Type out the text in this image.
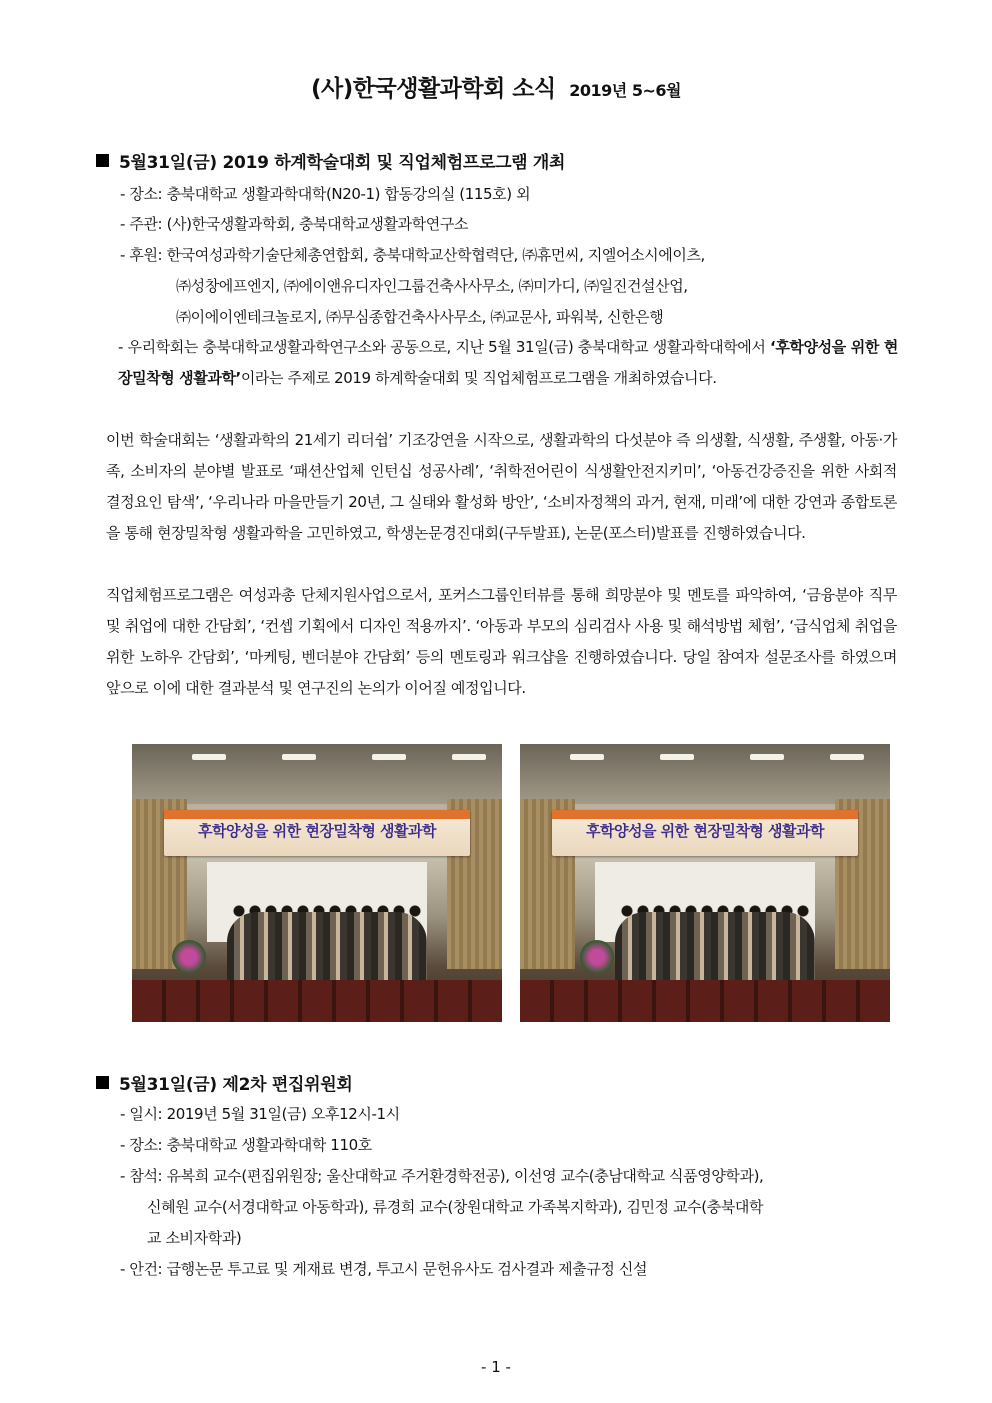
(사)한국생활과학회 소식 2019년 5~6월
5월31일(금) 2019 하계학술대회 및 직업체험프로그램 개최
- 장소: 충북대학교 생활과학대학(N20-1) 합동강의실 (115호) 외
- 주관: (사)한국생활과학회, 충북대학교생활과학연구소
- 후원: 한국여성과학기술단체총연합회, 충북대학교산학협력단, ㈜휴먼씨, 지엘어소시에이츠,
㈜성창에프엔지, ㈜에이앤유디자인그룹건축사사무소, ㈜미가디, ㈜일진건설산업,
㈜이에이엔테크놀로지, ㈜무심종합건축사사무소, ㈜교문사, 파워북, 신한은행

- 우리학회는 충북대학교생활과학연구소와 공동으로, 지난 5월 31일(금) 충북대학교 생활과학대학에서 ‘후학양성을 위한 현장밀착형 생활과학’이라는 주제로 2019 하계학술대회 및 직업체험프로그램을 개최하였습니다.

이번 학술대회는 ‘생활과학의 21세기 리더쉽’ 기조강연을 시작으로, 생활과학의 다섯분야 즉 의생활, 식생활, 주생활, 아동·가족, 소비자의 분야별 발표로 ‘패션산업체 인턴십 성공사례’, ‘취학전어린이 식생활안전지키미’, ‘아동건강증진을 위한 사회적 결정요인 탐색’, ‘우리나라 마을만들기 20년, 그 실태와 활성화 방안’, ‘소비자정책의 과거, 현재, 미래’에 대한 강연과 종합토론을 통해 현장밀착형 생활과학을 고민하였고, 학생논문경진대회(구두발표), 논문(포스터)발표를 진행하였습니다.

직업체험프로그램은 여성과총 단체지원사업으로서, 포커스그룹인터뷰를 통해 희망분야 및 멘토를 파악하여, ‘금융분야 직무 및 취업에 대한 간담회’, ‘컨셉 기획에서 디자인 적용까지’. ‘아동과 부모의 심리검사 사용 및 해석방법 체험’, ‘급식업체 취업을 위한 노하우 간담회’, ‘마케팅, 벤더분야 간담회’ 등의 멘토링과 워크샵을 진행하였습니다. 당일 참여자 설문조사를 하였으며 앞으로 이에 대한 결과분석 및 연구진의 논의가 이어질 예정입니다.

후학양성을 위한 현장밀착형 생활과학	후학양성을 위한 현장밀착형 생활과학
5월31일(금) 제2차 편집위원회
- 일시: 2019년 5월 31일(금) 오후12시-1시
- 장소: 충북대학교 생활과학대학 110호
- 참석: 유복희 교수(편집위원장; 울산대학교 주거환경학전공), 이선영 교수(충남대학교 식품영양학과),
신혜원 교수(서경대학교 아동학과), 류경희 교수(창원대학교 가족복지학과), 김민정 교수(충북대학
교 소비자학과)
- 안건: 급행논문 투고료 및 게재료 변경, 투고시 문헌유사도 검사결과 제출규정 신설
- 1 -
